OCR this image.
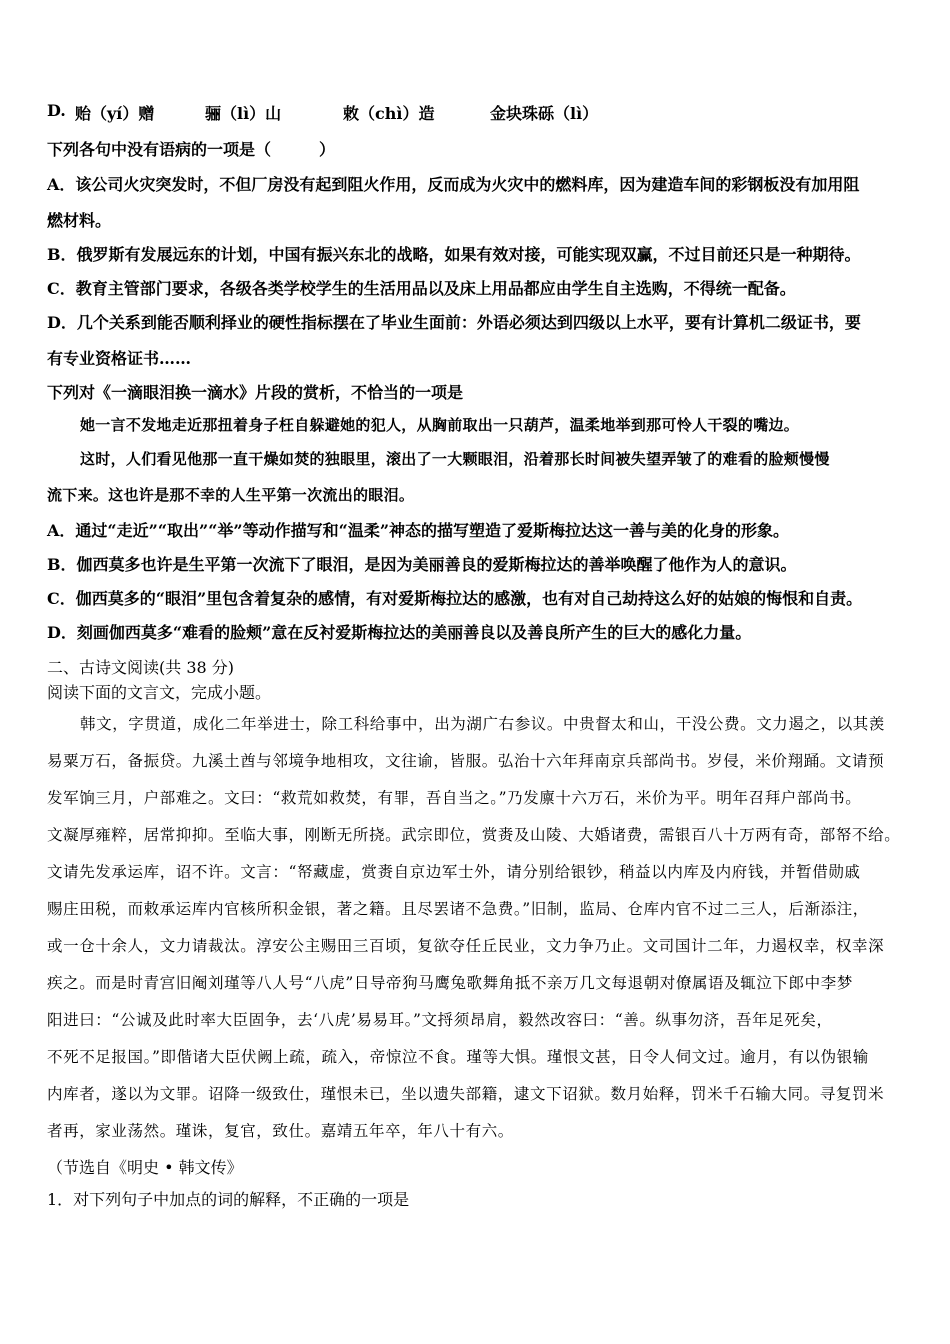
D. 贻（yí）赠	骊（lì）山	敕（chì）造	金块珠砾（lì）
下列各句中没有语病的一项是（　　　）
A．该公司火灾突发时，不但厂房没有起到阻火作用，反而成为火灾中的燃料库，因为建造车间的彩钢板没有加用阻
燃材料。
B．俄罗斯有发展远东的计划，中国有振兴东北的战略，如果有效对接，可能实现双赢，不过目前还只是一种期待。
C．教育主管部门要求，各级各类学校学生的生活用品以及床上用品都应由学生自主选购，不得统一配备。
D．几个关系到能否顺利择业的硬性指标摆在了毕业生面前：外语必须达到四级以上水平，要有计算机二级证书，要
有专业资格证书……
下列对《一滴眼泪换一滴水》片段的赏析，不恰当的一项是
她一言不发地走近那扭着身子枉自躲避她的犯人，从胸前取出一只葫芦，温柔地举到那可怜人干裂的嘴边。
这时，人们看见他那一直干燥如焚的独眼里，滚出了一大颗眼泪，沿着那长时间被失望弄皱了的难看的脸颊慢慢
流下来。这也许是那不幸的人生平第一次流出的眼泪。
A．通过“走近”“取出”“举”等动作描写和“温柔”神态的描写塑造了爱斯梅拉达这一善与美的化身的形象。
B．伽西莫多也许是生平第一次流下了眼泪，是因为美丽善良的爱斯梅拉达的善举唤醒了他作为人的意识。
C．伽西莫多的“眼泪”里包含着复杂的感情，有对爱斯梅拉达的感激，也有对自己劫持这么好的姑娘的悔恨和自责。
D．刻画伽西莫多“难看的脸颊”意在反衬爱斯梅拉达的美丽善良以及善良所产生的巨大的感化力量。
二、古诗文阅读(共 38 分)
阅读下面的文言文，完成小题。
韩文，字贯道，成化二年举进士，除工科给事中，出为湖广右参议。中贵督太和山，干没公费。文力遏之，以其羡
易粟万石，备振贷。九溪土酋与邻境争地相攻，文往谕，皆服。弘治十六年拜南京兵部尚书。岁侵，米价翔踊。文请预
发军饷三月，户部难之。文曰：“救荒如救焚，有罪，吾自当之。”乃发廪十六万石，米价为平。明年召拜户部尚书。
文凝厚雍粹，居常抑抑。至临大事，刚断无所挠。武宗即位，赏赉及山陵、大婚诸费，需银百八十万两有奇，部帑不给。
文请先发承运库，诏不许。文言：“帑藏虚，赏赉自京边军士外，请分别给银钞，稍益以内库及内府钱，并暂借勋戚
赐庄田税，而敕承运库内官核所积金银，著之籍。且尽罢诸不急费。”旧制，监局、仓库内官不过二三人，后渐添注，
或一仓十余人，文力请裁汰。淳安公主赐田三百顷，复欲夺任丘民业，文力争乃止。文司国计二年，力遏权幸，权幸深
疾之。而是时青宫旧阉刘瑾等八人号“八虎”日导帝狗马鹰兔歌舞角抵不亲万几文每退朝对僚属语及辄泣下郎中李梦
阳进曰：“公诚及此时率大臣固争，去‘八虎’易易耳。”文捋须昂肩，毅然改容曰：“善。纵事勿济，吾年足死矣，
不死不足报国。”即偕诸大臣伏阙上疏，疏入，帝惊泣不食。瑾等大惧。瑾恨文甚，日令人伺文过。逾月，有以伪银输
内库者，遂以为文罪。诏降一级致仕，瑾恨未已，坐以遗失部籍，逮文下诏狱。数月始释，罚米千石输大同。寻复罚米
者再，家业荡然。瑾诛，复官，致仕。嘉靖五年卒，年八十有六。
（节选自《明史 • 韩文传》
1．对下列句子中加点的词的解释，不正确的一项是
